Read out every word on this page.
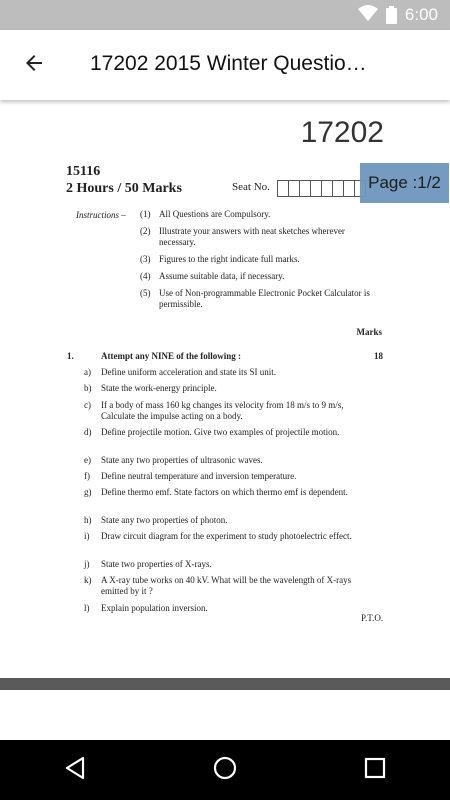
6:00
17202 2015 Winter Questio…
17202
15116
2 Hours / 50 Marks	Seat No.	Page :1/2
Instructions – (1) All Questions are Compulsory.
(2) Illustrate your answers with neat sketches wherever necessary.
(3) Figures to the right indicate full marks.
(4) Assume suitable data, if necessary.
(5) Use of Non-programmable Electronic Pocket Calculator is permissible.
Marks
1.	Attempt any NINE of the following :	18
a)	Define uniform acceleration and state its SI unit.
b)	State the work-energy principle.
c)	If a body of mass 160 kg changes its velocity from 18 m/s to 9 m/s, Calculate the impulse acting on a body.
d)	Define projectile motion. Give two examples of projectile motion.
e)	State any two properties of ultrasonic waves.
f)	Define neutral temperature and inversion temperature.
g)	Define thermo emf. State factors on which thermo emf is dependent.
h)	State any two properties of photon.
i)	Draw circuit diagram for the experiment to study photoelectric effect.
j)	State two properties of X-rays.
k)	A X-ray tube works on 40 kV. What will be the wavelength of X-rays emitted by it ?
l)	Explain population inversion.
P.T.O.
